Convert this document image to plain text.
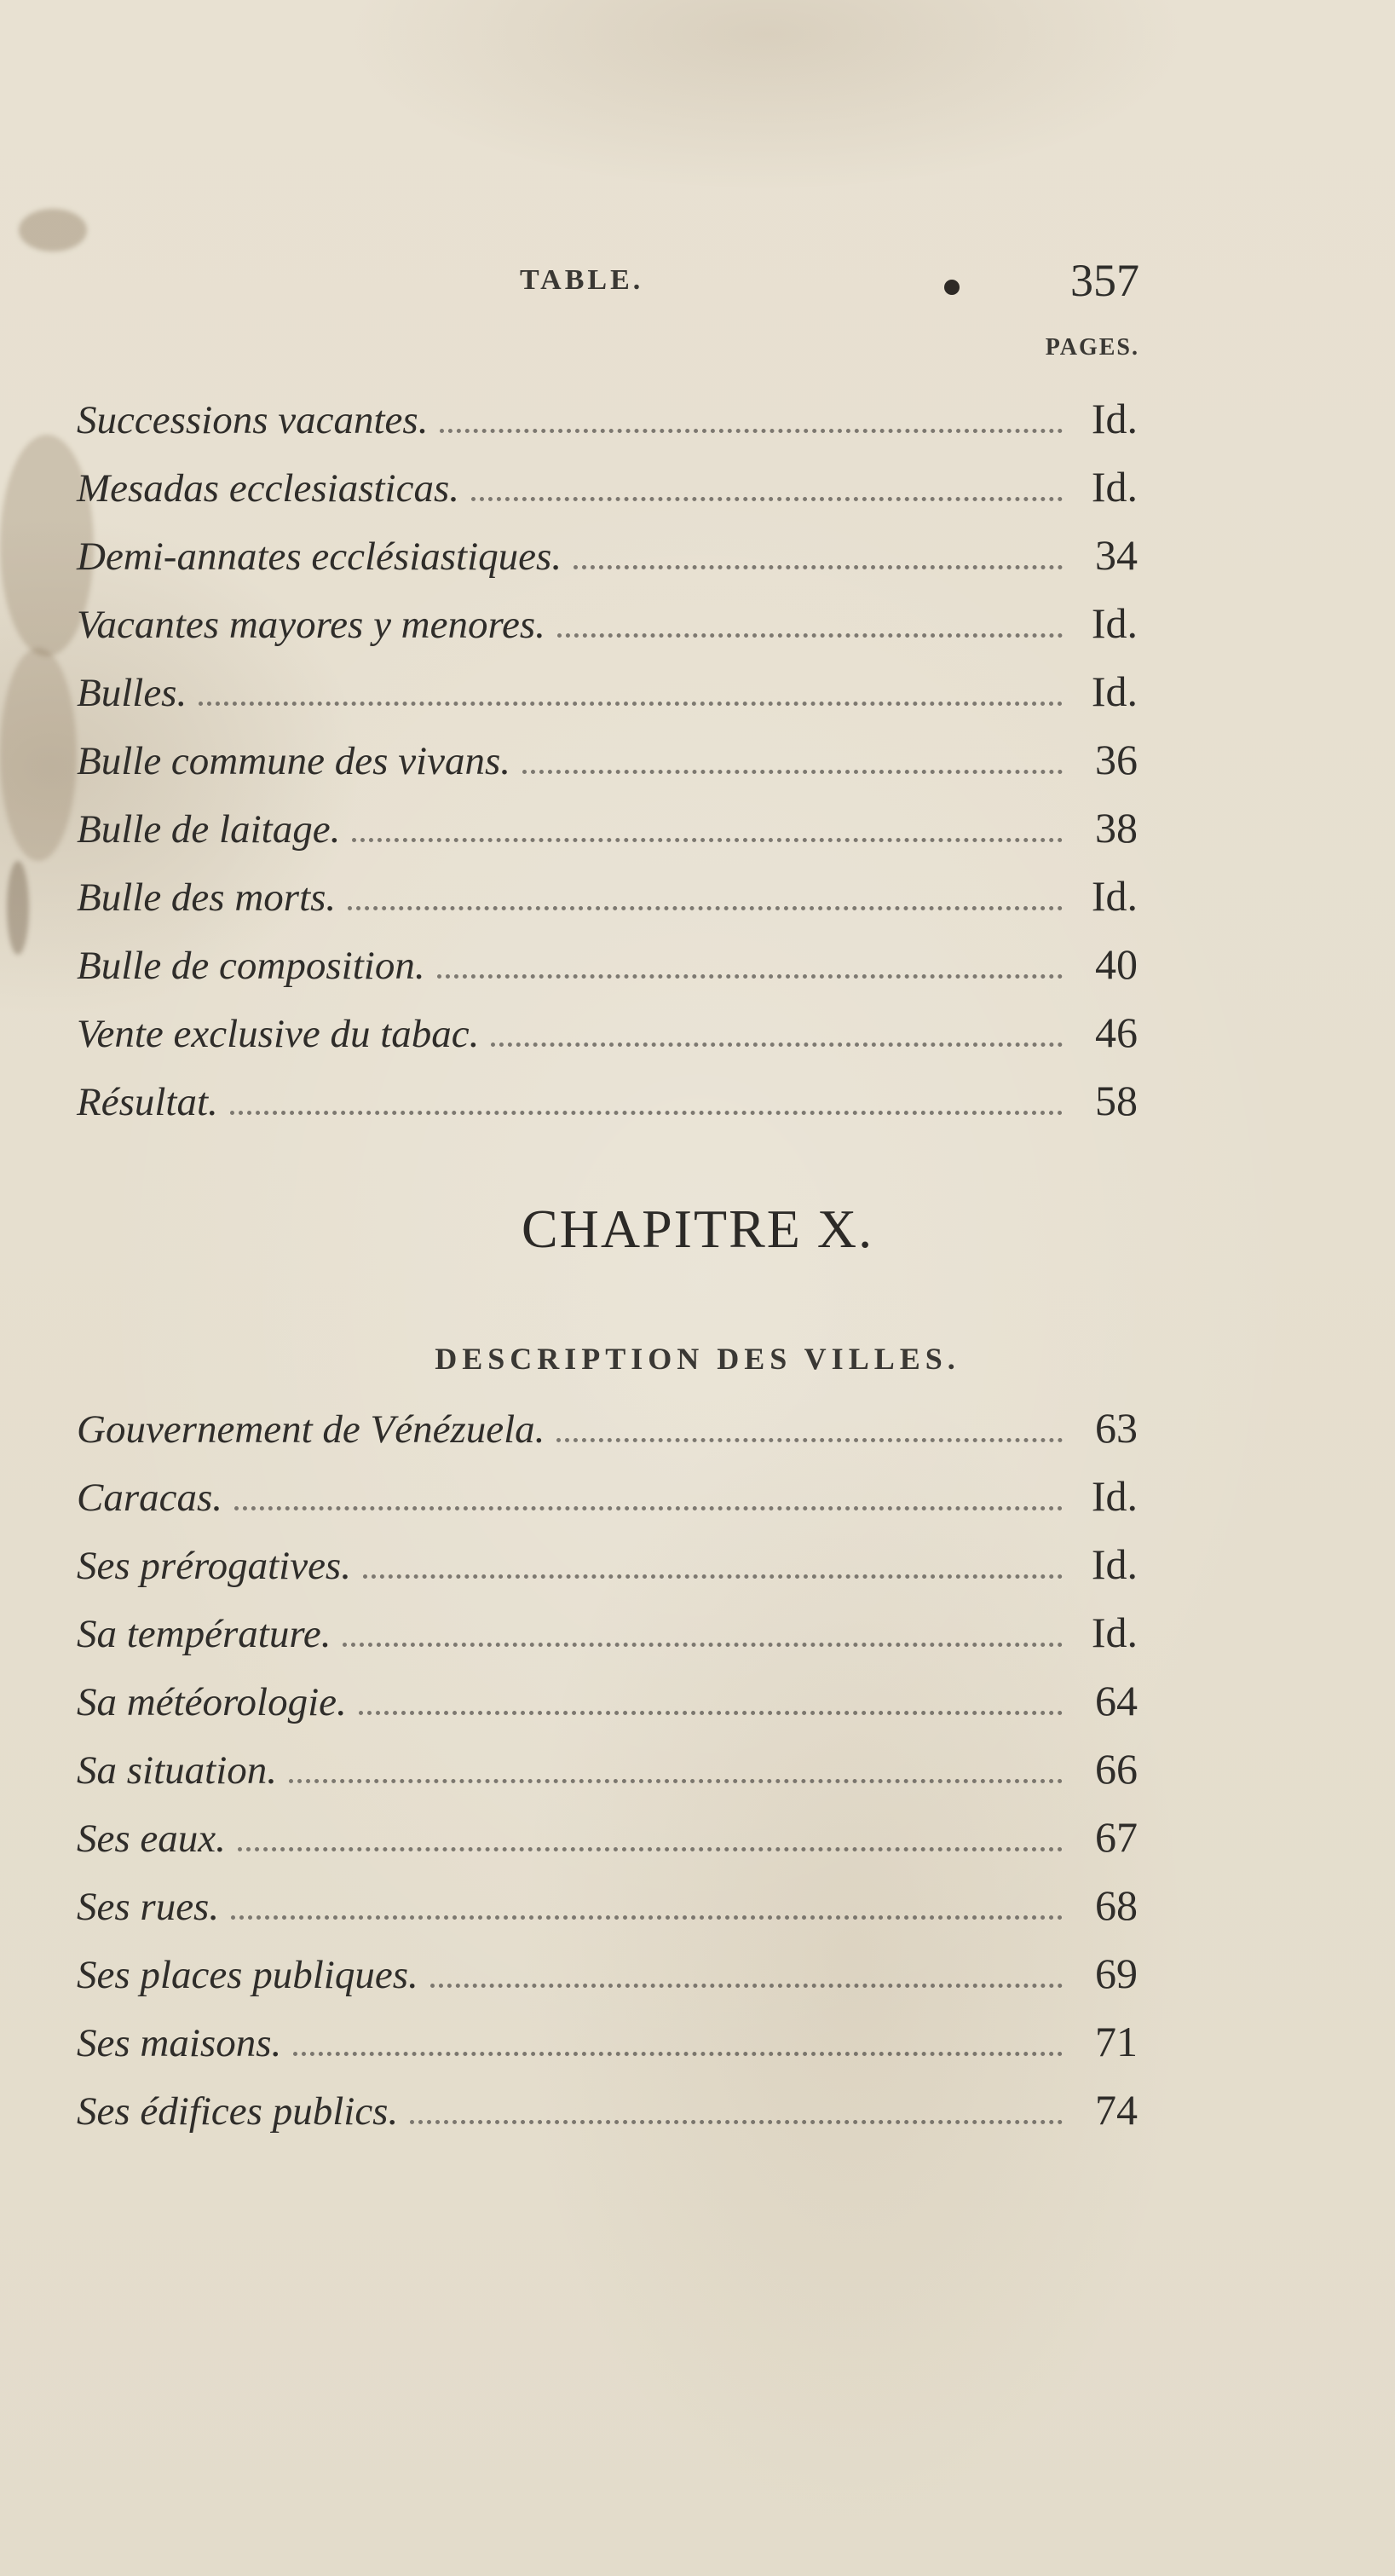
TABLE.	357
PAGES.
Successions vacantes.	Id.
Mesadas ecclesiasticas.	Id.
Demi-annates ecclésiastiques.	34
Vacantes mayores y menores.	Id.
Bulles.	Id.
Bulle commune des vivans.	36
Bulle de laitage.	38
Bulle des morts.	Id.
Bulle de composition.	40
Vente exclusive du tabac.	46
Résultat.	58
CHAPITRE X.
DESCRIPTION DES VILLES.
Gouvernement de Vénézuela.	63
Caracas.	Id.
Ses prérogatives.	Id.
Sa température.	Id.
Sa météorologie.	64
Sa situation.	66
Ses eaux.	67
Ses rues.	68
Ses places publiques.	69
Ses maisons.	71
Ses édifices publics.	74
